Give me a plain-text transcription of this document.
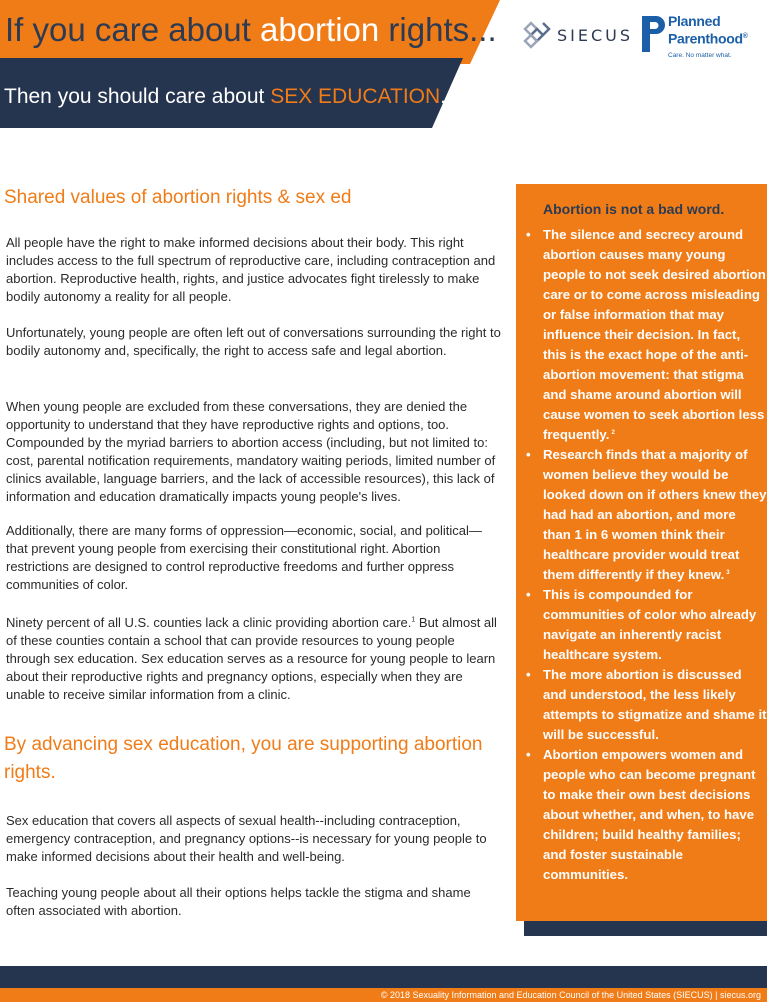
If you care about abortion rights...
Then you should care about SEX EDUCATION.
SIECUS
Planned
Parenthood®
Care. No matter what.
Shared values of abortion rights & sex ed
All people have the right to make informed decisions about their body. This right includes access to the full spectrum of reproductive care, including contraception and abortion. Reproductive health, rights, and justice advocates fight tirelessly to make bodily autonomy a reality for all people.
Unfortunately, young people are often left out of conversations surrounding the right to bodily autonomy and, specifically, the right to access safe and legal abortion.
When young people are excluded from these conversations, they are denied the opportunity to understand that they have reproductive rights and options, too. Compounded by the myriad barriers to abortion access (including, but not limited to: cost, parental notification requirements, mandatory waiting periods, limited number of clinics available, language barriers, and the lack of accessible resources), this lack of information and education dramatically impacts young people's lives.
Additionally, there are many forms of oppression—economic, social, and political—that prevent young people from exercising their constitutional right. Abortion restrictions are designed to control reproductive freedoms and further oppress communities of color.
Ninety percent of all U.S. counties lack a clinic providing abortion care.$^1$ But almost all of these counties contain a school that can provide resources to young people through sex education. Sex education serves as a resource for young people to learn about their reproductive rights and pregnancy options, especially when they are unable to receive similar information from a clinic.
By advancing sex education, you are supporting abortion rights.
Sex education that covers all aspects of sexual health--including contraception, emergency contraception, and pregnancy options--is necessary for young people to make informed decisions about their health and well-being.
Teaching young people about all their options helps tackle the stigma and shame often associated with abortion.
Abortion is not a bad word.
• The silence and secrecy around abortion causes many young people to not seek desired abortion care or to come across misleading or false information that may influence their decision. In fact, this is the exact hope of the anti-abortion movement: that stigma and shame around abortion will cause women to seek abortion less frequently. $^2$
• Research finds that a majority of women believe they would be looked down on if others knew they had had an abortion, and more than 1 in 6 women think their healthcare provider would treat them differently if they knew. $^3$
• This is compounded for communities of color who already navigate an inherently racist healthcare system.
• The more abortion is discussed and understood, the less likely attempts to stigmatize and shame it will be successful.
• Abortion empowers women and people who can become pregnant to make their own best decisions about whether, and when, to have children; build healthy families; and foster sustainable communities.
© 2018 Sexuality Information and Education Council of the United States (SIECUS) | siecus.org
